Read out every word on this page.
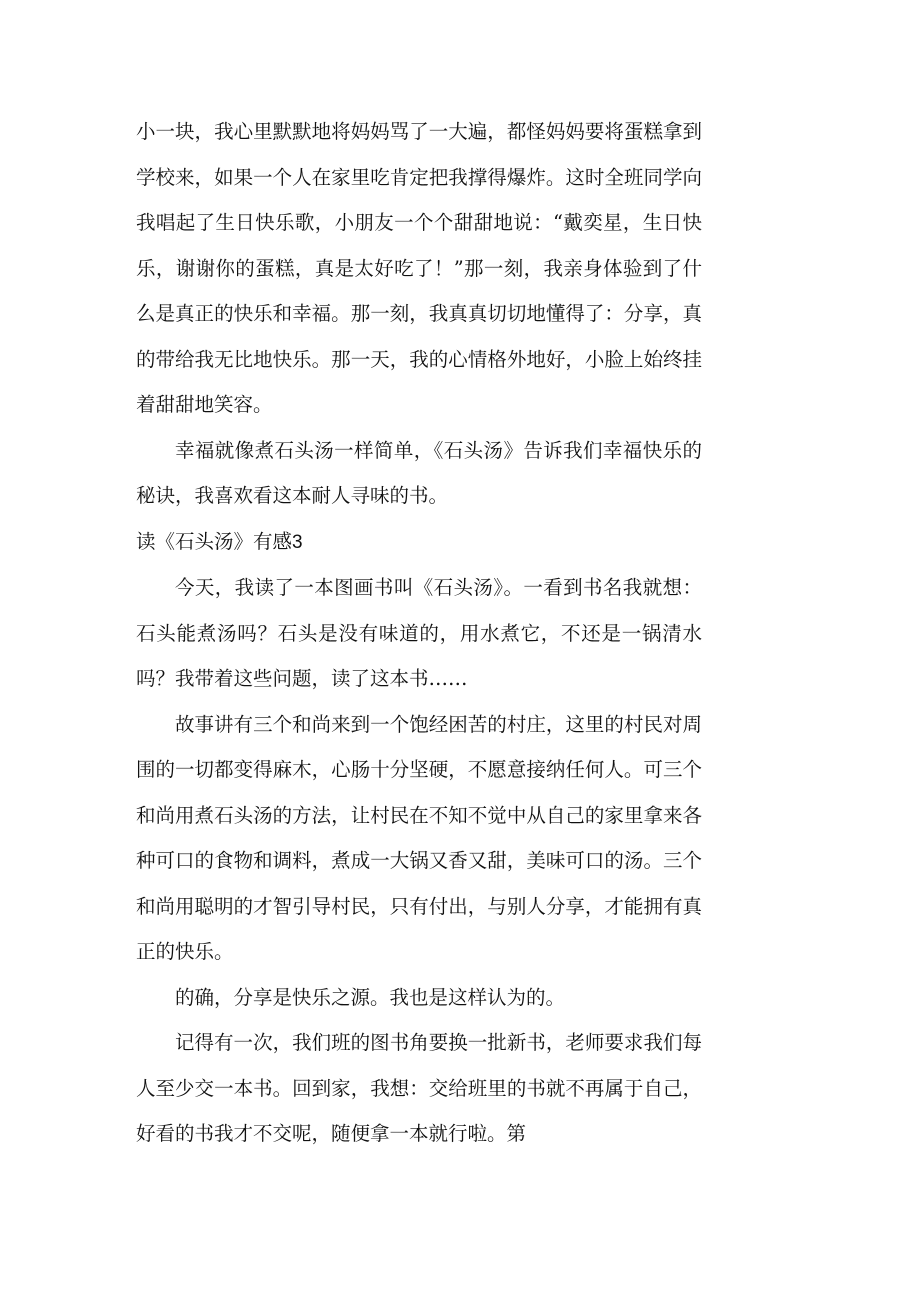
小一块，我心里默默地将妈妈骂了一大遍，都怪妈妈要将蛋糕拿到学校来，如果一个人在家里吃肯定把我撑得爆炸。这时全班同学向我唱起了生日快乐歌，小朋友一个个甜甜地说：“戴奕星，生日快乐，谢谢你的蛋糕，真是太好吃了！”那一刻，我亲身体验到了什么是真正的快乐和幸福。那一刻，我真真切切地懂得了：分享，真的带给我无比地快乐。那一天，我的心情格外地好，小脸上始终挂着甜甜地笑容。

幸福就像煮石头汤一样简单，《石头汤》告诉我们幸福快乐的秘诀，我喜欢看这本耐人寻味的书。

读《石头汤》有感3

今天，我读了一本图画书叫《石头汤》。一看到书名我就想：石头能煮汤吗？石头是没有味道的，用水煮它，不还是一锅清水吗？我带着这些问题，读了这本书……

故事讲有三个和尚来到一个饱经困苦的村庄，这里的村民对周围的一切都变得麻木，心肠十分坚硬，不愿意接纳任何人。可三个和尚用煮石头汤的方法，让村民在不知不觉中从自己的家里拿来各种可口的食物和调料，煮成一大锅又香又甜，美味可口的汤。三个和尚用聪明的才智引导村民，只有付出，与别人分享，才能拥有真正的快乐。

的确，分享是快乐之源。我也是这样认为的。

记得有一次，我们班的图书角要换一批新书，老师要求我们每人至少交一本书。回到家，我想：交给班里的书就不再属于自己，好看的书我才不交呢，随便拿一本就行啦。第
